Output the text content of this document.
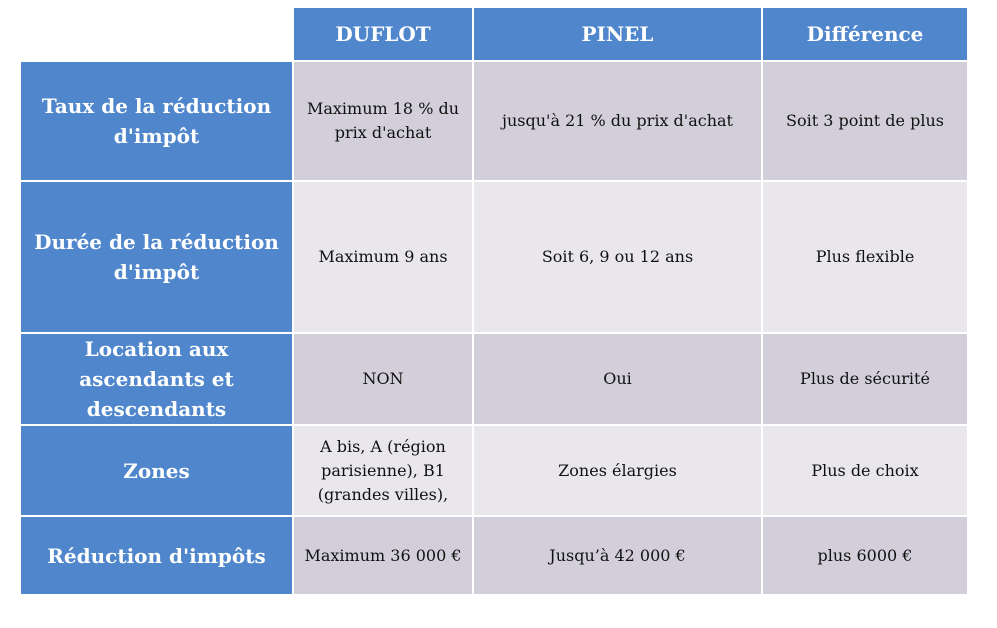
	DUFLOT	PINEL	Différence
Taux de la réduction d'impôt	Maximum 18 % du prix d'achat	jusqu'à 21 % du prix d'achat	Soit 3 point de plus
Durée de la réduction d'impôt	Maximum 9 ans	Soit 6, 9 ou 12 ans	Plus flexible
Location aux ascendants et descendants	NON	Oui	Plus de sécurité
Zones	A bis, A (région parisienne), B1 (grandes villes),	Zones élargies	Plus de choix
Réduction d'impôts	Maximum 36 000 €	Jusqu’à 42 000 €	plus 6000 €
